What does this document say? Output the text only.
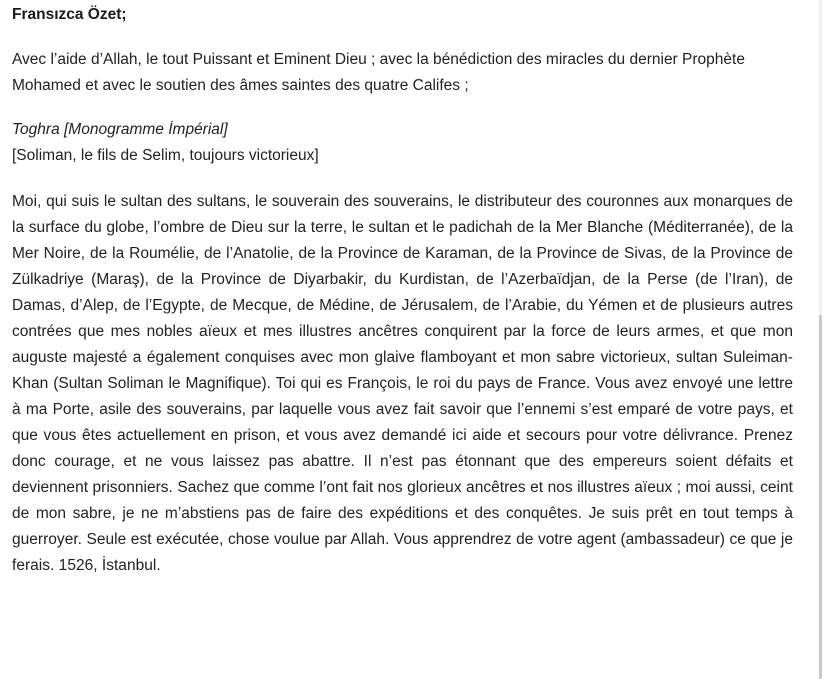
Fransızca Özet;

Avec l’aide d’Allah, le tout Puissant et Eminent Dieu ; avec la bénédiction des miracles du dernier Prophète Mohamed et avec le soutien des âmes saintes des quatre Califes ;

Toghra [Monogramme İmpérial]

[Soliman, le fils de Selim, toujours victorieux]

Moi, qui suis le sultan des sultans, le souverain des souverains, le distributeur des couronnes aux monarques de la surface du globe, l’ombre de Dieu sur la terre, le sultan et le padichah de la Mer Blanche (Méditerranée), de la Mer Noire, de la Roumélie, de l’Anatolie, de la Province de Karaman, de la Province de Sivas, de la Province de Zülkadriye (Maraş), de la Province de Diyarbakir, du Kurdistan, de l’Azerbaïdjan, de la Perse (de l’Iran), de Damas, d’Alep, de l’Egypte, de Mecque, de Médine, de Jérusalem, de l’Arabie, du Yémen et de plusieurs autres contrées que mes nobles aïeux et mes illustres ancêtres conquirent par la force de leurs armes, et que mon auguste majesté a également conquises avec mon glaive flamboyant et mon sabre victorieux, sultan Suleiman-Khan (Sultan Soliman le Magnifique). Toi qui es François, le roi du pays de France. Vous avez envoyé une lettre à ma Porte, asile des souverains, par laquelle vous avez fait savoir que l’ennemi s’est emparé de votre pays, et que vous êtes actuellement en prison, et vous avez demandé ici aide et secours pour votre délivrance. Prenez donc courage, et ne vous laissez pas abattre. Il n’est pas étonnant que des empereurs soient défaits et deviennent prisonniers. Sachez que comme l’ont fait nos glorieux ancêtres et nos illustres aïeux ; moi aussi, ceint de mon sabre, je ne m’abstiens pas de faire des expéditions et des conquêtes. Je suis prêt en tout temps à guerroyer. Seule est exécutée, chose voulue par Allah. Vous apprendrez de votre agent (ambassadeur) ce que je ferais. 1526, İstanbul.
